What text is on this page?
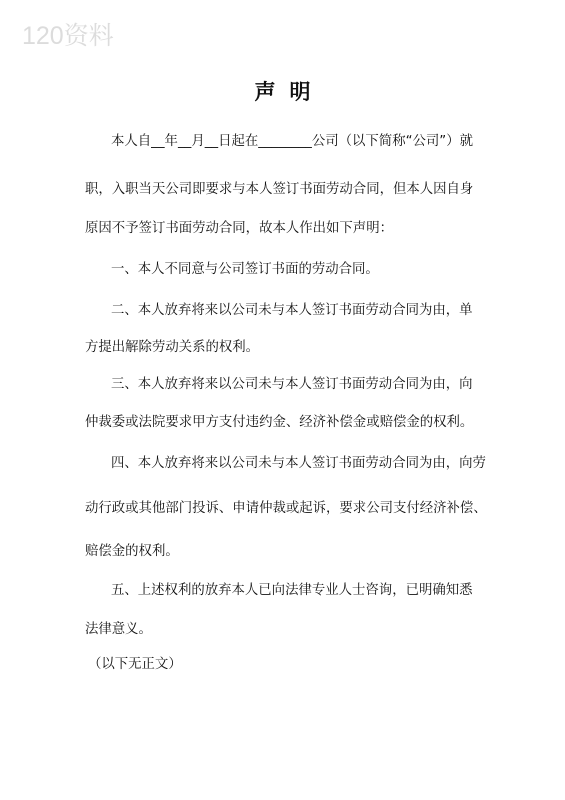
120资料
声明
本人自__年__月__日起在________公司（以下简称“公司”）就
职，入职当天公司即要求与本人签订书面劳动合同，但本人因自身
原因不予签订书面劳动合同，故本人作出如下声明：
一、本人不同意与公司签订书面的劳动合同。
二、本人放弃将来以公司未与本人签订书面劳动合同为由，单
方提出解除劳动关系的权利。
三、本人放弃将来以公司未与本人签订书面劳动合同为由，向
仲裁委或法院要求甲方支付违约金、经济补偿金或赔偿金的权利。
四、本人放弃将来以公司未与本人签订书面劳动合同为由，向劳
动行政或其他部门投诉、申请仲裁或起诉，要求公司支付经济补偿、
赔偿金的权利。
五、上述权利的放弃本人已向法律专业人士咨询，已明确知悉
法律意义。
（以下无正文）
